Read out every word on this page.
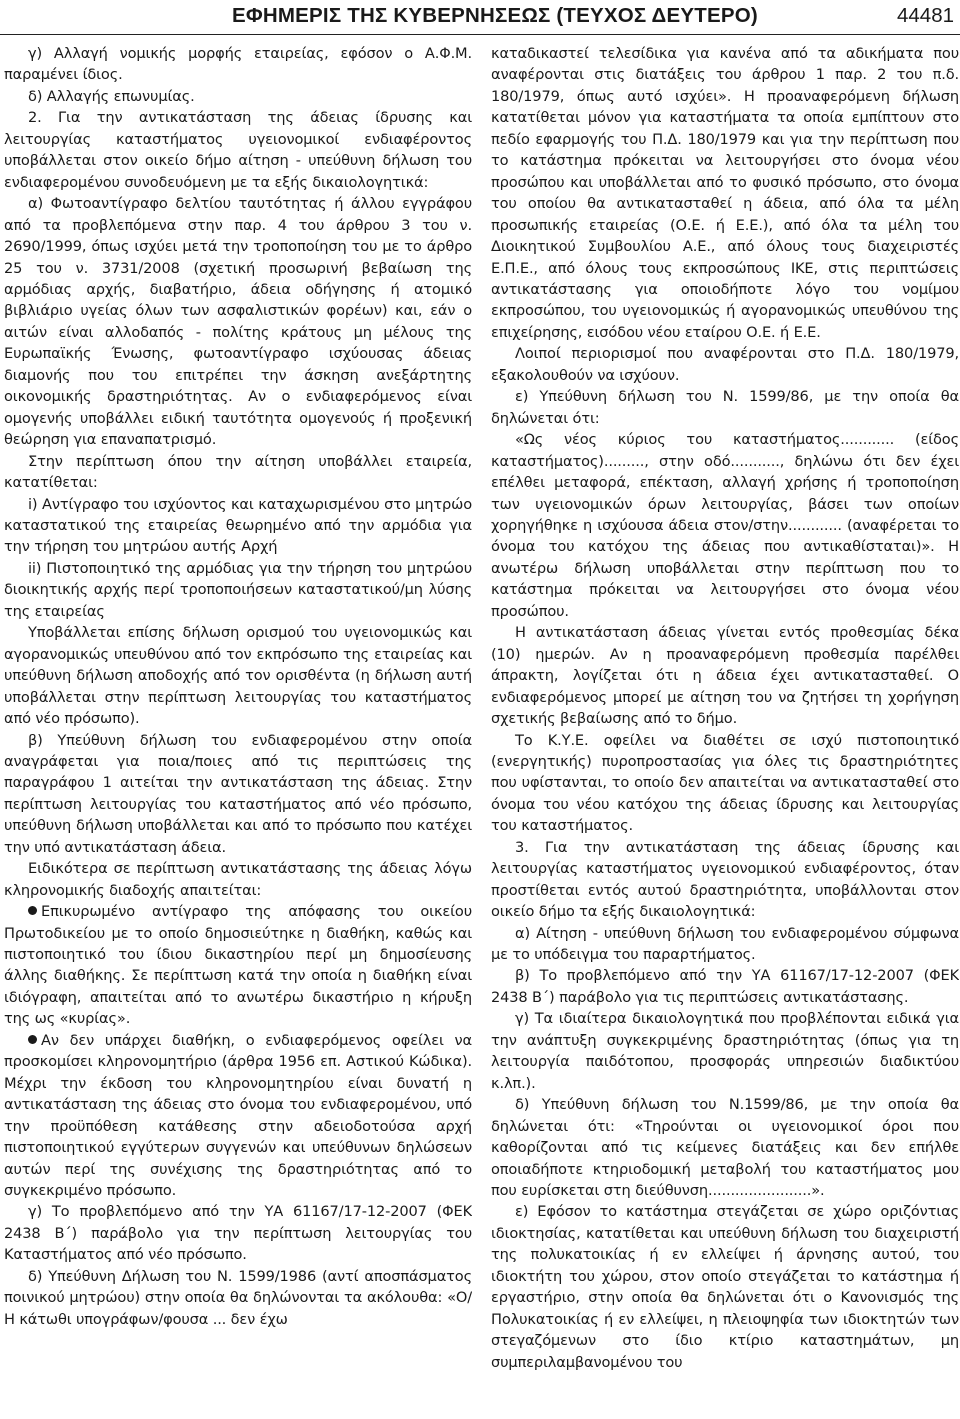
ΕΦΗΜΕΡΙΣ ΤΗΣ ΚΥΒΕΡΝΗΣΕΩΣ (ΤΕΥΧΟΣ ΔΕΥΤΕΡΟ)	44481

γ) Αλλαγή νομικής μορφής εταιρείας, εφόσον ο Α.Φ.Μ. παραμένει ίδιος.

δ) Αλλαγής επωνυμίας.

2. Για την αντικατάσταση της άδειας ίδρυσης και λειτουργίας καταστήματος υγειονομικοί ενδιαφέροντος υποβάλλεται στον οικείο δήμο αίτηση - υπεύθυνη δήλωση του ενδιαφερομένου συνοδευόμενη με τα εξής δικαιολογητικά:

α) Φωτοαντίγραφο δελτίου ταυτότητας ή άλλου εγγράφου από τα προβλεπόμενα στην παρ. 4 του άρθρου 3 του ν. 2690/1999, όπως ισχύει μετά την τροποποίηση του με το άρθρο 25 του ν. 3731/2008 (σχετική προσωρινή βεβαίωση της αρμόδιας αρχής, διαβατήριο, άδεια οδήγησης ή ατομικό βιβλιάριο υγείας όλων των ασφαλιστικών φορέων) και, εάν ο αιτών είναι αλλοδαπός - πολίτης κράτους μη μέλους της Ευρωπαϊκής Ένωσης, φωτοαντίγραφο ισχύουσας άδειας διαμονής που του επιτρέπει την άσκηση ανεξάρτητης οικονομικής δραστηριότητας. Αν ο ενδιαφερόμενος είναι ομογενής υποβάλλει ειδική ταυτότητα ομογενούς ή προξενική θεώρηση για επαναπατρισμό.

Στην περίπτωση όπου την αίτηση υποβάλλει εταιρεία, κατατίθεται:

i) Αντίγραφο του ισχύοντος και καταχωρισμένου στο μητρώο καταστατικού της εταιρείας θεωρημένο από την αρμόδια για την τήρηση του μητρώου αυτής Αρχή

ii) Πιστοποιητικό της αρμόδιας για την τήρηση του μητρώου διοικητικής αρχής περί τροποποιήσεων καταστατικού/μη λύσης της εταιρείας

Υποβάλλεται επίσης δήλωση ορισμού του υγειονομικώς και αγορανομικώς υπευθύνου από τον εκπρόσωπο της εταιρείας και υπεύθυνη δήλωση αποδοχής από τον ορισθέντα (η δήλωση αυτή υποβάλλεται στην περίπτωση λειτουργίας του καταστήματος από νέο πρόσωπο).

β) Υπεύθυνη δήλωση του ενδιαφερομένου στην οποία αναγράφεται για ποια/ποιες από τις περιπτώσεις της παραγράφου 1 αιτείται την αντικατάσταση της άδειας. Στην περίπτωση λειτουργίας του καταστήματος από νέο πρόσωπο, υπεύθυνη δήλωση υποβάλλεται και από το πρόσωπο που κατέχει την υπό αντικατάσταση άδεια.

Ειδικότερα σε περίπτωση αντικατάστασης της άδειας λόγω κληρονομικής διαδοχής απαιτείται:

Επικυρωμένο αντίγραφο της απόφασης του οικείου Πρωτοδικείου με το οποίο δημοσιεύτηκε η διαθήκη, καθώς και πιστοποιητικό του ίδιου δικαστηρίου περί μη δημοσίευσης άλλης διαθήκης. Σε περίπτωση κατά την οποία η διαθήκη είναι ιδιόγραφη, απαιτείται από το ανωτέρω δικαστήριο η κήρυξη της ως «κυρίας».

Αν δεν υπάρχει διαθήκη, ο ενδιαφερόμενος οφείλει να προσκομίσει κληρονομητήριο (άρθρα 1956 επ. Αστικού Κώδικα). Μέχρι την έκδοση του κληρονομητηρίου είναι δυνατή η αντικατάσταση της άδειας στο όνομα του ενδιαφερομένου, υπό την προϋπόθεση κατάθεσης στην αδειοδοτούσα αρχή πιστοποιητικού εγγύτερων συγγενών και υπεύθυνων δηλώσεων αυτών περί της συνέχισης της δραστηριότητας από το συγκεκριμένο πρόσωπο.

γ) Το προβλεπόμενο από την ΥΑ 61167/17-12-2007 (ΦΕΚ 2438 Β΄) παράβολο για την περίπτωση λειτουργίας του Καταστήματος από νέο πρόσωπο.

δ) Υπεύθυνη Δήλωση του Ν. 1599/1986 (αντί αποσπάσματος ποινικού μητρώου) στην οποία θα δηλώνονται τα ακόλουθα: «Ο/Η κάτωθι υπογράφων/φουσα ... δεν έχω

καταδικαστεί τελεσίδικα για κανένα από τα αδικήματα που αναφέρονται στις διατάξεις του άρθρου 1 παρ. 2 του π.δ. 180/1979, όπως αυτό ισχύει». Η προαναφερόμενη δήλωση κατατίθεται μόνον για καταστήματα τα οποία εμπίπτουν στο πεδίο εφαρμογής του Π.Δ. 180/1979 και για την περίπτωση που το κατάστημα πρόκειται να λειτουργήσει στο όνομα νέου προσώπου και υποβάλλεται από το φυσικό πρόσωπο, στο όνομα του οποίου θα αντικατασταθεί η άδεια, από όλα τα μέλη προσωπικής εταιρείας (Ο.Ε. ή Ε.Ε.), από όλα τα μέλη του Διοικητικού Συμβουλίου Α.Ε., από όλους τους διαχειριστές Ε.Π.Ε., από όλους τους εκπροσώπους ΙΚΕ, στις περιπτώσεις αντικατάστασης για οποιοδήποτε λόγο του νομίμου εκπροσώπου, του υγειονομικώς ή αγορανομικώς υπευθύνου της επιχείρησης, εισόδου νέου εταίρου Ο.Ε. ή Ε.Ε.

Λοιποί περιορισμοί που αναφέρονται στο Π.Δ. 180/1979, εξακολουθούν να ισχύουν.

ε) Υπεύθυνη δήλωση του Ν. 1599/86, με την οποία θα δηλώνεται ότι:

«Ως νέος κύριος του καταστήματος............ (είδος καταστήματος)........., στην οδό..........., δηλώνω ότι δεν έχει επέλθει μεταφορά, επέκταση, αλλαγή χρήσης ή τροποποίηση των υγειονομικών όρων λειτουργίας, βάσει των οποίων χορηγήθηκε η ισχύουσα άδεια στον/στην............ (αναφέρεται το όνομα του κατόχου της άδειας που αντικαθίσταται)». Η ανωτέρω δήλωση υποβάλλεται στην περίπτωση που το κατάστημα πρόκειται να λειτουργήσει στο όνομα νέου προσώπου.

Η αντικατάσταση άδειας γίνεται εντός προθεσμίας δέκα (10) ημερών. Αν η προαναφερόμενη προθεσμία παρέλθει άπρακτη, λογίζεται ότι η άδεια έχει αντικατασταθεί. Ο ενδιαφερόμενος μπορεί με αίτηση του να ζητήσει τη χορήγηση σχετικής βεβαίωσης από το δήμο.

Το Κ.Υ.Ε. οφείλει να διαθέτει σε ισχύ πιστοποιητικό (ενεργητικής) πυροπροστασίας για όλες τις δραστηριότητες που υφίστανται, το οποίο δεν απαιτείται να αντικατασταθεί στο όνομα του νέου κατόχου της άδειας ίδρυσης και λειτουργίας του καταστήματος.

3. Για την αντικατάσταση της άδειας ίδρυσης και λειτουργίας καταστήματος υγειονομικού ενδιαφέροντος, όταν προστίθεται εντός αυτού δραστηριότητα, υποβάλλονται στον οικείο δήμο τα εξής δικαιολογητικά:

α) Αίτηση - υπεύθυνη δήλωση του ενδιαφερομένου σύμφωνα με το υπόδειγμα του παραρτήματος.

β) Το προβλεπόμενο από την ΥΑ 61167/17-12-2007 (ΦΕΚ 2438 Β΄) παράβολο για τις περιπτώσεις αντικατάστασης.

γ) Τα ιδιαίτερα δικαιολογητικά που προβλέπονται ειδικά για την ανάπτυξη συγκεκριμένης δραστηριότητας (όπως για τη λειτουργία παιδότοπου, προσφοράς υπηρεσιών διαδικτύου κ.λπ.).

δ) Υπεύθυνη δήλωση του Ν.1599/86, με την οποία θα δηλώνεται ότι: «Τηρούνται οι υγειονομικοί όροι που καθορίζονται από τις κείμενες διατάξεις και δεν επήλθε οποιαδήποτε κτηριοδομική μεταβολή του καταστήματος μου που ευρίσκεται στη διεύθυνση.......................».

ε) Εφόσον το κατάστημα στεγάζεται σε χώρο οριζόντιας ιδιοκτησίας, κατατίθεται και υπεύθυνη δήλωση του διαχειριστή της πολυκατοικίας ή εν ελλείψει ή άρνησης αυτού, του ιδιοκτήτη του χώρου, στον οποίο στεγάζεται το κατάστημα ή εργαστήριο, στην οποία θα δηλώνεται ότι ο Κανονισμός της Πολυκατοικίας ή εν ελλείψει, η πλειοψηφία των ιδιοκτητών των στεγαζόμενων στο ίδιο κτίριο καταστημάτων, μη συμπεριλαμβανομένου του
